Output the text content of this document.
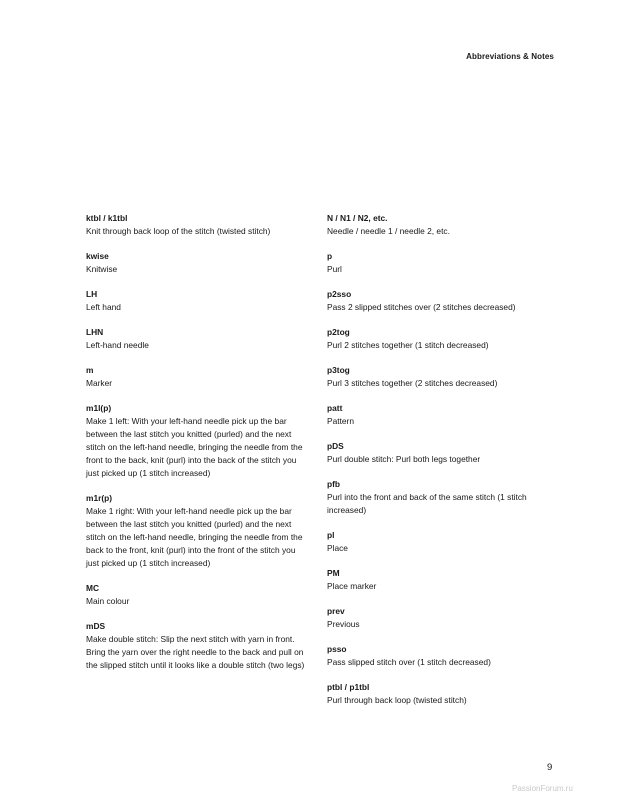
Abbreviations & Notes
ktbl / k1tbl
Knit through back loop of the stitch (twisted stitch)
kwise
Knitwise
LH
Left hand
LHN
Left-hand needle
m
Marker
m1l(p)
Make 1 left: With your left-hand needle pick up the bar between the last stitch you knitted (purled) and the next stitch on the left-hand needle, bringing the needle from the front to the back, knit (purl) into the back of the stitch you just picked up (1 stitch increased)
m1r(p)
Make 1 right: With your left-hand needle pick up the bar between the last stitch you knitted (purled) and the next stitch on the left-hand needle, bringing the needle from the back to the front, knit (purl) into the front of the stitch you just picked up (1 stitch increased)
MC
Main colour
mDS
Make double stitch: Slip the next stitch with yarn in front. Bring the yarn over the right needle to the back and pull on the slipped stitch until it looks like a double stitch (two legs)
N / N1 / N2, etc.
Needle / needle 1 / needle 2, etc.
p
Purl
p2sso
Pass 2 slipped stitches over (2 stitches decreased)
p2tog
Purl 2 stitches together (1 stitch decreased)
p3tog
Purl 3 stitches together (2 stitches decreased)
patt
Pattern
pDS
Purl double stitch: Purl both legs together
pfb
Purl into the front and back of the same stitch (1 stitch increased)
pl
Place
PM
Place marker
prev
Previous
psso
Pass slipped stitch over (1 stitch decreased)
ptbl / p1tbl
Purl through back loop (twisted stitch)
9
PassionForum.ru
